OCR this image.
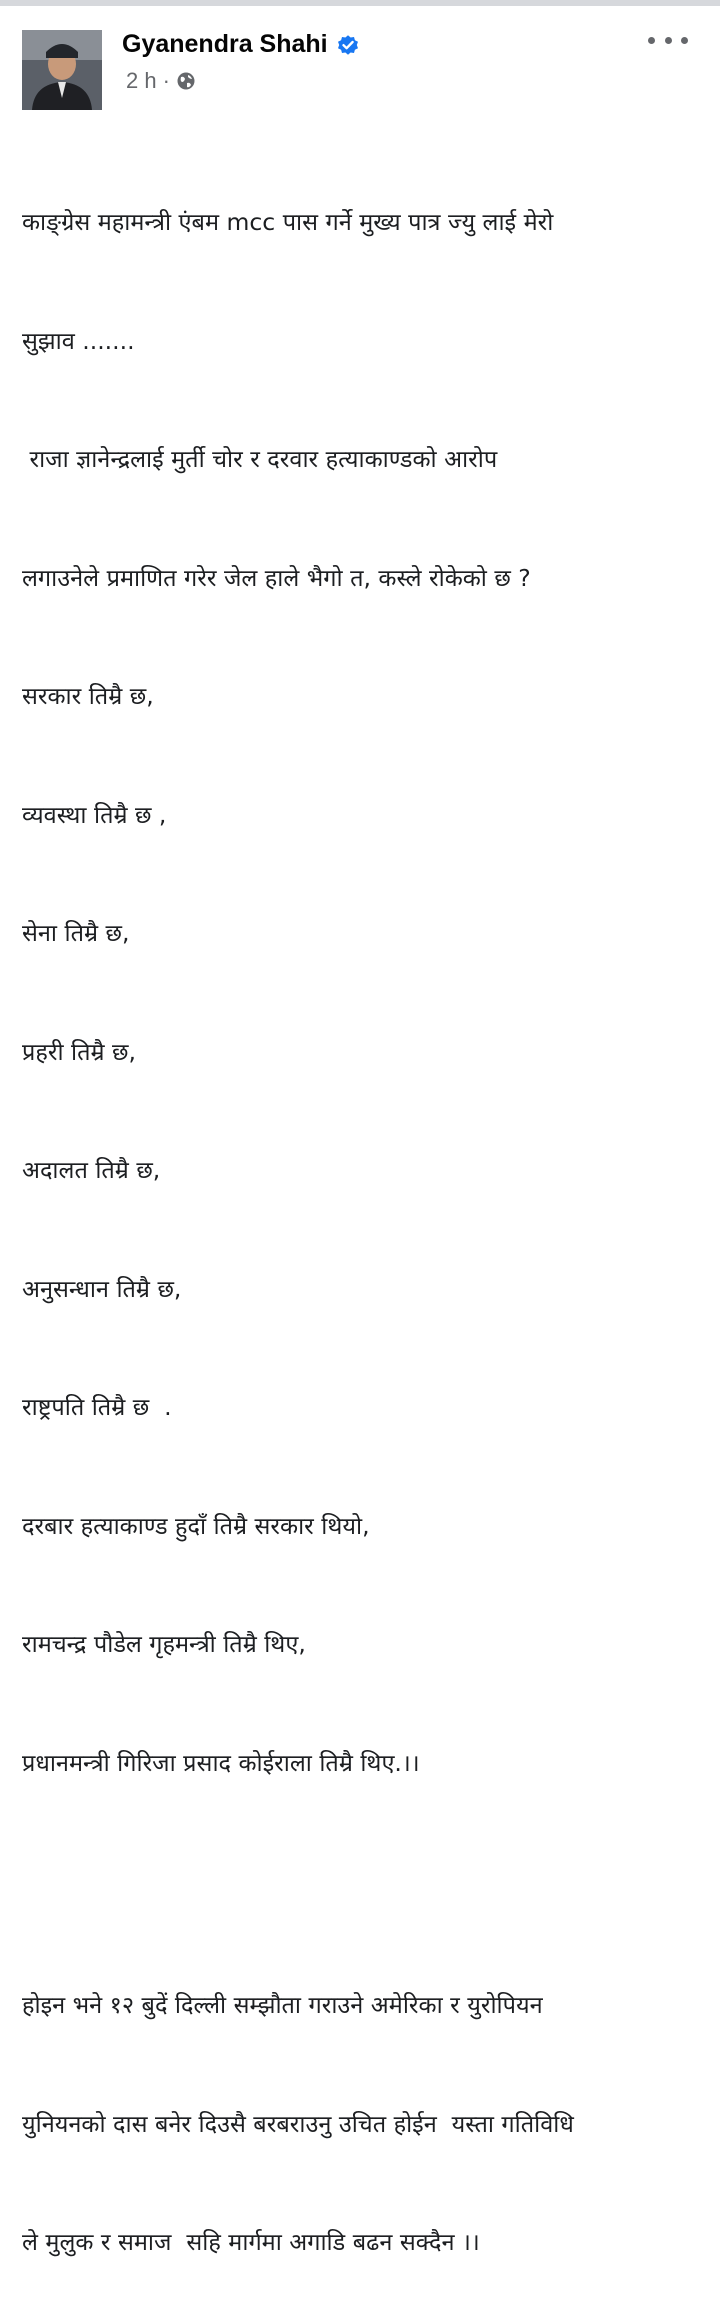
Gyanendra Shahi
2 h ·

काङ्ग्रेस महामन्त्री एंबम mcc पास गर्ने मुख्य पात्र ज्यु लाई मेरो

सुझाव .......

राजा ज्ञानेन्द्रलाई मुर्ती चोर र दरवार हत्याकाण्डको आरोप

लगाउनेले प्रमाणित गरेर जेल हाले भैगो त, कस्ले रोकेको छ ?

सरकार तिम्रै छ,

व्यवस्था तिम्रै छ ,

सेना तिम्रै छ,

प्रहरी तिम्रै छ,

अदालत तिम्रै छ,

अनुसन्धान तिम्रै छ,

राष्ट्रपति तिम्रै छ  .

दरबार हत्याकाण्ड हुदाँ तिम्रै सरकार थियो,

रामचन्द्र पौडेल गृहमन्त्री तिम्रै थिए,

प्रधानमन्त्री गिरिजा प्रसाद कोईराला तिम्रै थिए.।।

होइन भने १२ बुदें दिल्ली सम्झौता गराउने अमेरिका र युरोपियन

युनियनको दास बनेर दिउसै बरबराउनु उचित होईन  यस्ता गतिविधि

ले मुलुक र समाज  सहि मार्गमा अगाडि बढन सक्दैन ।।
